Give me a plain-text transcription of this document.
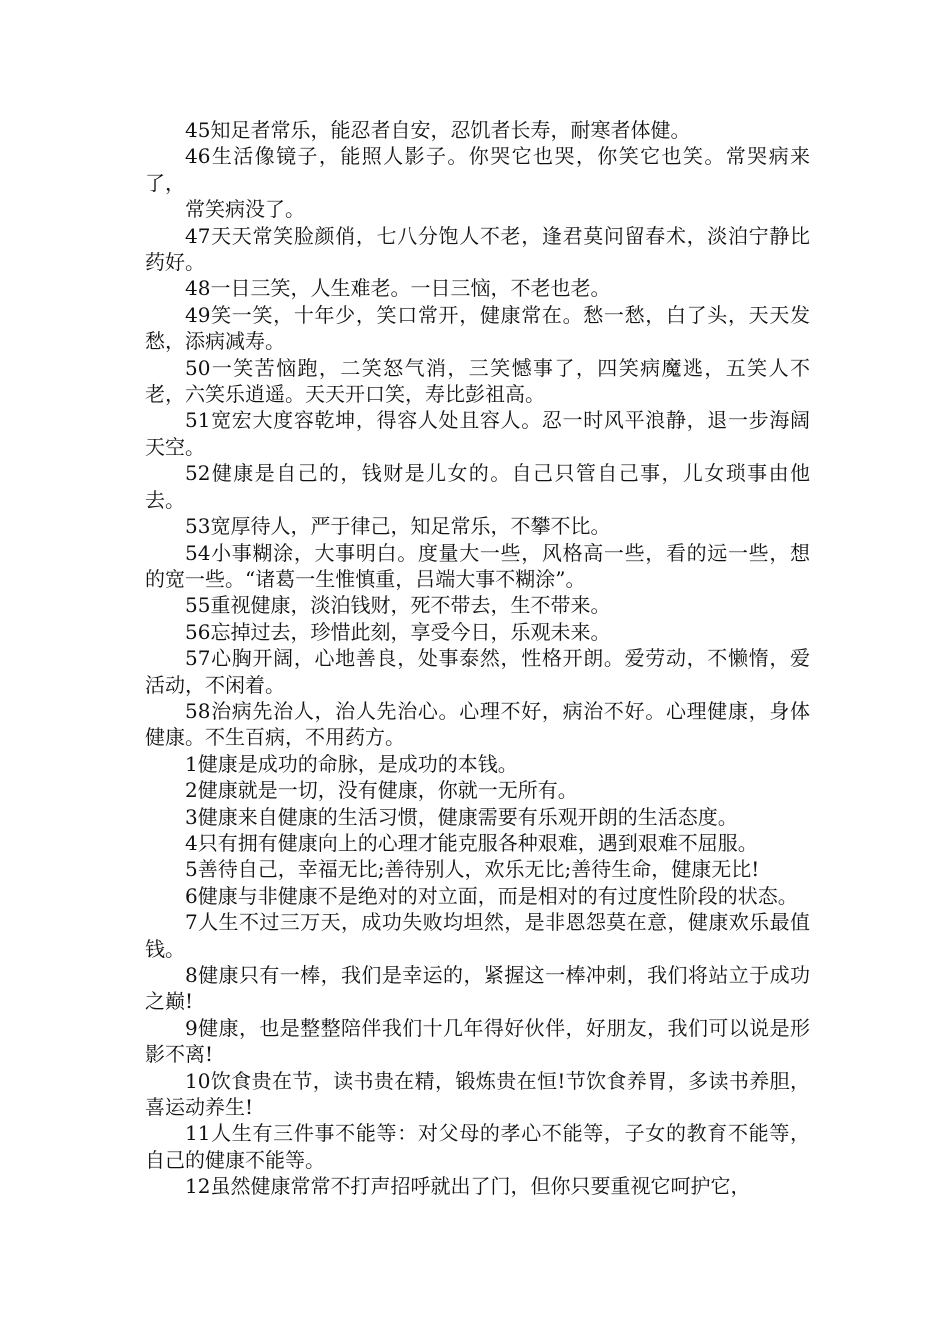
45知足者常乐，能忍者自安，忍饥者长寿，耐寒者体健。

46生活像镜子，能照人影子。你哭它也哭，你笑它也笑。常哭病来了，

常笑病没了。

47天天常笑脸颜俏，七八分饱人不老，逢君莫问留春术，淡泊宁静比药好。

48一日三笑，人生难老。一日三恼，不老也老。

49笑一笑，十年少，笑口常开，健康常在。愁一愁，白了头，天天发愁，添病减寿。

50一笑苦恼跑，二笑怒气消，三笑憾事了，四笑病魔逃，五笑人不老，六笑乐逍遥。天天开口笑，寿比彭祖高。

51宽宏大度容乾坤，得容人处且容人。忍一时风平浪静，退一步海阔天空。

52健康是自己的，钱财是儿女的。自己只管自己事，儿女琐事由他去。

53宽厚待人，严于律己，知足常乐，不攀不比。

54小事糊涂，大事明白。度量大一些，风格高一些，看的远一些，想的宽一些。“诸葛一生惟慎重，吕端大事不糊涂”。

55重视健康，淡泊钱财，死不带去，生不带来。

56忘掉过去，珍惜此刻，享受今日，乐观未来。

57心胸开阔，心地善良，处事泰然，性格开朗。爱劳动，不懒惰，爱活动，不闲着。

58治病先治人，治人先治心。心理不好，病治不好。心理健康，身体健康。不生百病，不用药方。

1健康是成功的命脉，是成功的本钱。

2健康就是一切，没有健康，你就一无所有。

3健康来自健康的生活习惯，健康需要有乐观开朗的生活态度。

4只有拥有健康向上的心理才能克服各种艰难，遇到艰难不屈服。

5善待自己，幸福无比;善待别人，欢乐无比;善待生命，健康无比!

6健康与非健康不是绝对的对立面，而是相对的有过度性阶段的状态。

7人生不过三万天，成功失败均坦然，是非恩怨莫在意，健康欢乐最值钱。

8健康只有一棒，我们是幸运的，紧握这一棒冲刺，我们将站立于成功之巅!

9健康，也是整整陪伴我们十几年得好伙伴，好朋友，我们可以说是形影不离!

10饮食贵在节，读书贵在精，锻炼贵在恒!节饮食养胃，多读书养胆，喜运动养生!

11人生有三件事不能等：对父母的孝心不能等，子女的教育不能等，自己的健康不能等。

12虽然健康常常不打声招呼就出了门，但你只要重视它呵护它，
